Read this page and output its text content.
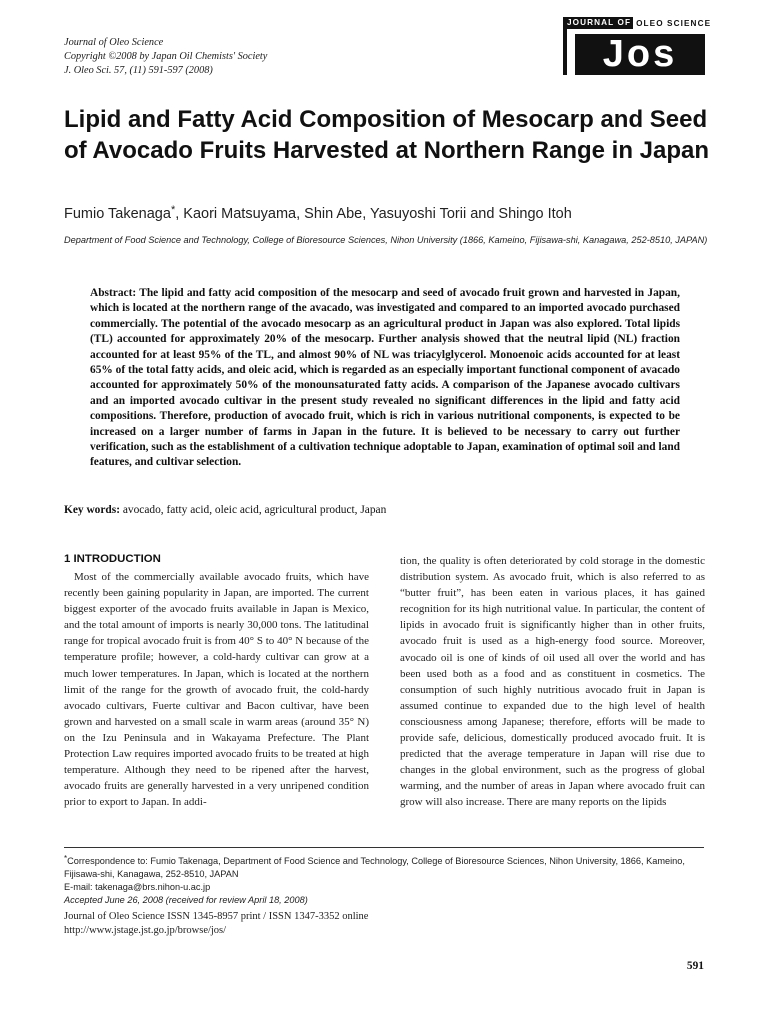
Journal of Oleo Science
Copyright ©2008 by Japan Oil Chemists' Society
J. Oleo Sci. 57, (11) 591-597 (2008)
JOURNAL OF OLEO SCIENCE
Jos
Lipid and Fatty Acid Composition of Mesocarp and Seed of Avocado Fruits Harvested at Northern Range in Japan
Fumio Takenaga*, Kaori Matsuyama, Shin Abe, Yasuyoshi Torii and Shingo Itoh
Department of Food Science and Technology, College of Bioresource Sciences, Nihon University (1866, Kameino, Fijisawa-shi, Kanagawa, 252-8510, JAPAN)
Abstract: The lipid and fatty acid composition of the mesocarp and seed of avocado fruit grown and harvested in Japan, which is located at the northern range of the avacado, was investigated and compared to an imported avocado purchased commercially. The potential of the avocado mesocarp as an agricultural product in Japan was also explored. Total lipids (TL) accounted for approximately 20% of the mesocarp. Further analysis showed that the neutral lipid (NL) fraction accounted for at least 95% of the TL, and almost 90% of NL was triacylglycerol. Monoenoic acids accounted for at least 65% of the total fatty acids, and oleic acid, which is regarded as an especially important functional component of avacado accounted for approximately 50% of the monounsaturated fatty acids. A comparison of the Japanese avocado cultivars and an imported avocado cultivar in the present study revealed no significant differences in the lipid and fatty acid compositions. Therefore, production of avocado fruit, which is rich in various nutritional components, is expected to be increased on a larger number of farms in Japan in the future. It is believed to be necessary to carry out further verification, such as the establishment of a cultivation technique adoptable to Japan, examination of optimal soil and land features, and cultivar selection.
Key words: avocado, fatty acid, oleic acid, agricultural product, Japan
1 INTRODUCTION
Most of the commercially available avocado fruits, which have recently been gaining popularity in Japan, are imported. The current biggest exporter of the avocado fruits available in Japan is Mexico, and the total amount of imports is nearly 30,000 tons. The latitudinal range for tropical avocado fruit is from 40° S to 40° N because of the temperature profile; however, a cold-hardy cultivar can grow at a much lower temperatures. In Japan, which is located at the northern limit of the range for the growth of avocado fruit, the cold-hardy avocado cultivars, Fuerte cultivar and Bacon cultivar, have been grown and harvested on a small scale in warm areas (around 35° N) on the Izu Peninsula and in Wakayama Prefecture. The Plant Protection Law requires imported avocado fruits to be treated at high temperature. Although they need to be ripened after the harvest, avocado fruits are generally harvested in a very unripened condition prior to export to Japan. In addi-
tion, the quality is often deteriorated by cold storage in the domestic distribution system. As avocado fruit, which is also referred to as “butter fruit”, has been eaten in various places, it has gained recognition for its high nutritional value. In particular, the content of lipids in avocado fruit is significantly higher than in other fruits, avocado fruit is used as a high-energy food source. Moreover, avocado oil is one of kinds of oil used all over the world and has been used both as a food and as constituent in cosmetics. The consumption of such highly nutritious avocado fruit in Japan is assumed continue to expanded due to the high level of health consciousness among Japanese; therefore, efforts will be made to provide safe, delicious, domestically produced avocado fruit. It is predicted that the average temperature in Japan will rise due to changes in the global environment, such as the progress of global warming, and the number of areas in Japan where avocado fruit can grow will also increase. There are many reports on the lipids
*Correspondence to: Fumio Takenaga, Department of Food Science and Technology, College of Bioresource Sciences, Nihon University, 1866, Kameino, Fijisawa-shi, Kanagawa, 252-8510, JAPAN
E-mail: takenaga@brs.nihon-u.ac.jp
Accepted June 26, 2008 (received for review April 18, 2008)
Journal of Oleo Science ISSN 1345-8957 print / ISSN 1347-3352 online
http://www.jstage.jst.go.jp/browse/jos/
591
